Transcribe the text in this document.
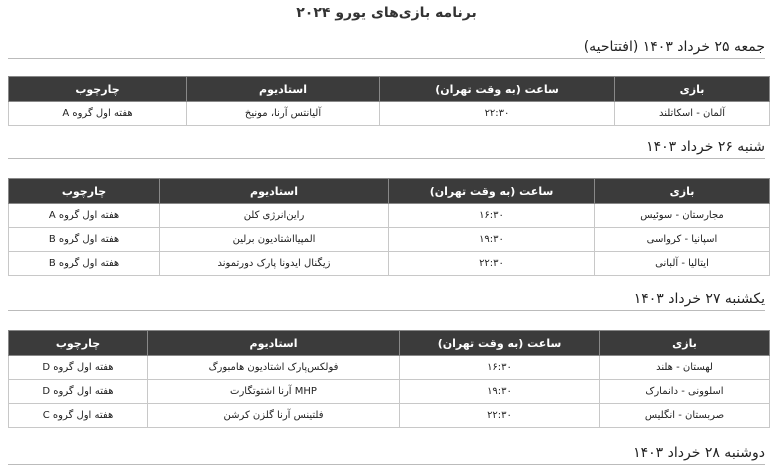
برنامه بازی‌های یورو ۲۰۲۴
جمعه ۲۵ خرداد ۱۴۰۳ (افتتاحیه)
بازی	ساعت (به وقت تهران)	استادیوم	چارچوب
آلمان - اسکاتلند	۲۲:۳۰	آلیانتس آرنا، مونیخ	هفته اول گروه A
شنبه ۲۶ خرداد ۱۴۰۳
بازی	ساعت (به وقت تهران)	استادیوم	چارچوب
مجارستان - سوئیس	۱۶:۳۰	راین‌انرژی کلن	هفته اول گروه A
اسپانیا - کرواسی	۱۹:۳۰	المپیااشتادیون برلین	هفته اول گروه B
ایتالیا - آلبانی	۲۲:۳۰	زیگنال ایدونا پارک دورتموند	هفته اول گروه B
یکشنبه ۲۷ خرداد ۱۴۰۳
بازی	ساعت (به وقت تهران)	استادیوم	چارچوب
لهستان - هلند	۱۶:۳۰	فولکس‌پارک اشتادیون هامبورگ	هفته اول گروه D
اسلوونی - دانمارک	۱۹:۳۰	MHP آرنا اشتوتگارت	هفته اول گروه D
صربستان - انگلیس	۲۲:۳۰	فلتینس آرنا گلزن کرشن	هفته اول گروه C
دوشنبه ۲۸ خرداد ۱۴۰۳
